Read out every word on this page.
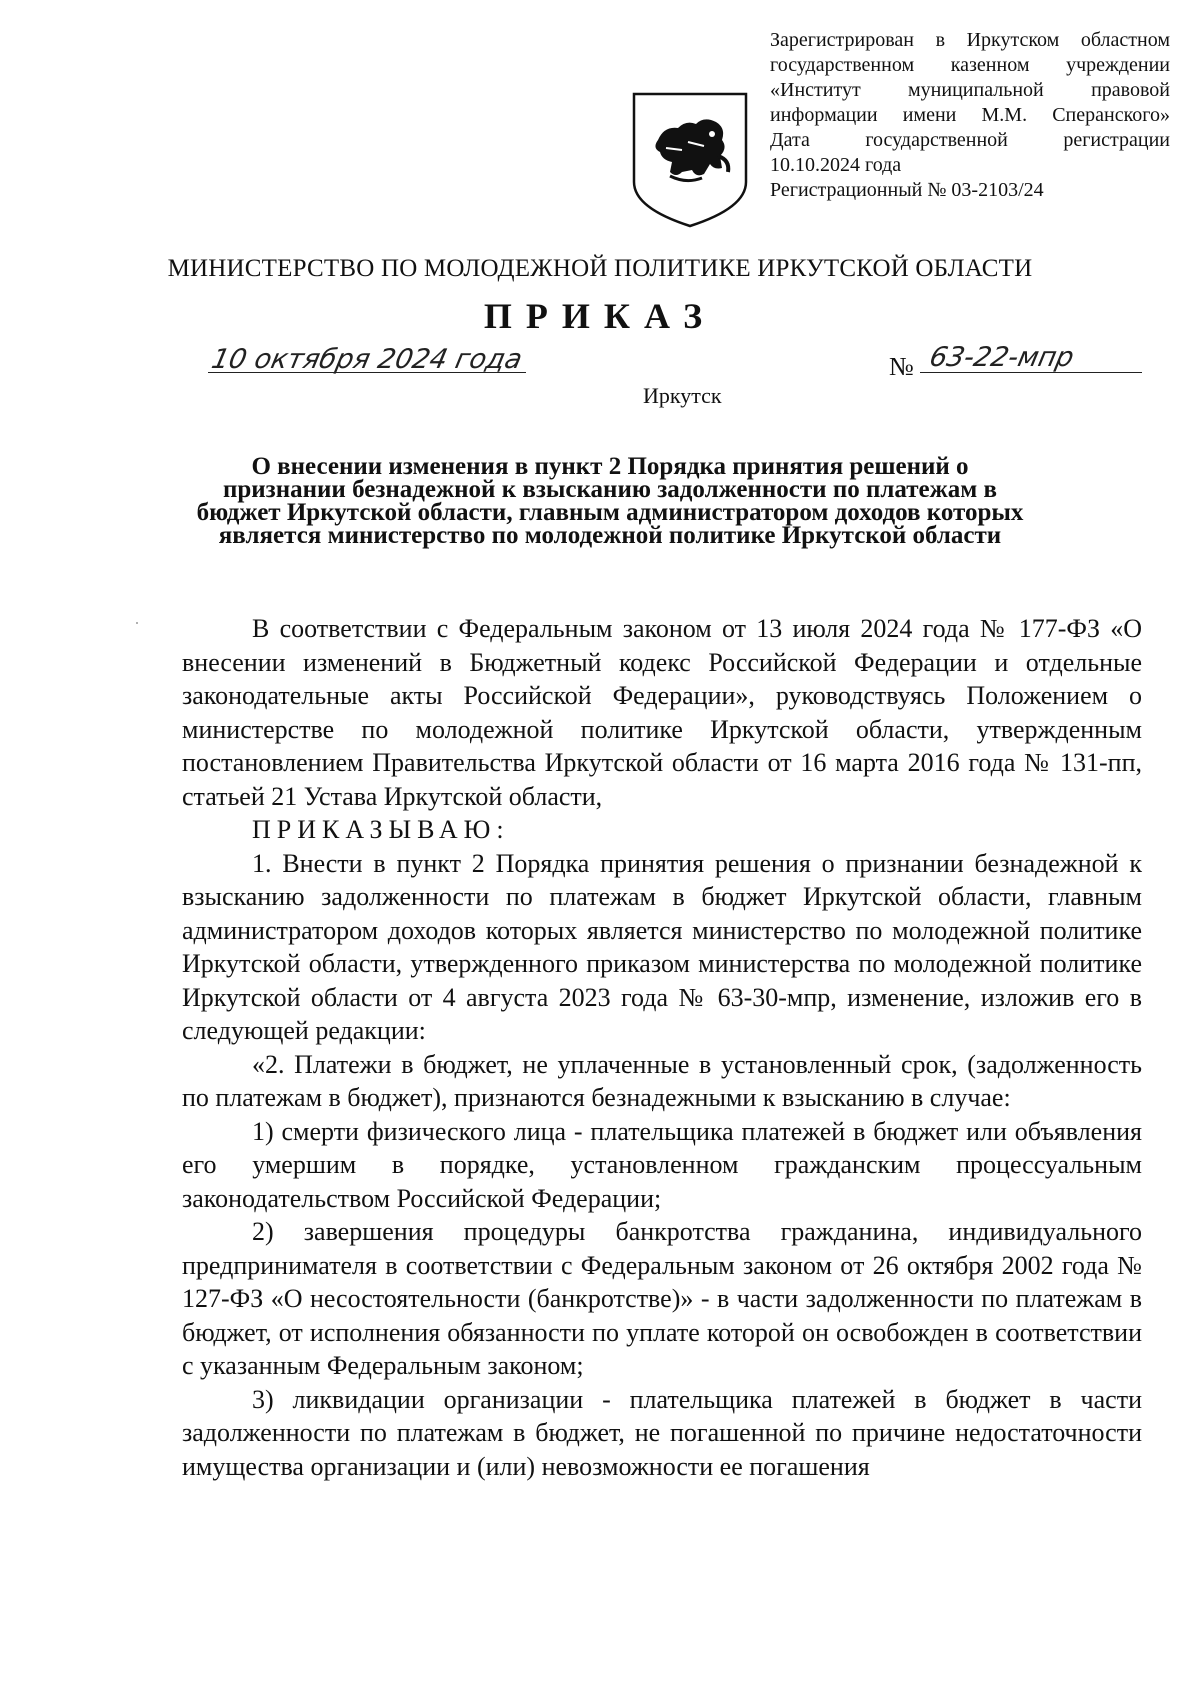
Зарегистрирован в Иркутском областном
государственном казенном учреждении
«Институт муниципальной правовой
информации имени М.М. Сперанского»
Дата государственной регистрации
10.10.2024 года
Регистрационный № 03-2103/24
МИНИСТЕРСТВО ПО МОЛОДЕЖНОЙ ПОЛИТИКЕ ИРКУТСКОЙ ОБЛАСТИ
ПРИКАЗ
10 октября 2024 года	№ 63-22-мпр
Иркутск
О внесении изменения в пункт 2 Порядка принятия решений о
признании безнадежной к взысканию задолженности по платежам в
бюджет Иркутской области, главным администратором доходов которых
является министерство по молодежной политике Иркутской области

В соответствии с Федеральным законом от 13 июля 2024 года № 177-ФЗ «О внесении изменений в Бюджетный кодекс Российской Федерации и отдельные законодательные акты Российской Федерации», руководствуясь Положением о министерстве по молодежной политике Иркутской области, утвержденным постановлением Правительства Иркутской области от 16 марта 2016 года № 131-пп, статьей 21 Устава Иркутской области,

ПРИКАЗЫВАЮ:

1. Внести в пункт 2 Порядка принятия решения о признании безнадежной к взысканию задолженности по платежам в бюджет Иркутской области, главным администратором доходов которых является министерство по молодежной политике Иркутской области, утвержденного приказом министерства по молодежной политике Иркутской области от 4 августа 2023 года № 63-30-мпр, изменение, изложив его в следующей редакции:

«2. Платежи в бюджет, не уплаченные в установленный срок, (задолженность по платежам в бюджет), признаются безнадежными к взысканию в случае:

1) смерти физического лица - плательщика платежей в бюджет или объявления его умершим в порядке, установленном гражданским процессуальным законодательством Российской Федерации;

2) завершения процедуры банкротства гражданина, индивидуального предпринимателя в соответствии с Федеральным законом от 26 октября 2002 года № 127-ФЗ «О несостоятельности (банкротстве)» - в части задолженности по платежам в бюджет, от исполнения обязанности по уплате которой он освобожден в соответствии с указанным Федеральным законом;

3) ликвидации организации - плательщика платежей в бюджет в части задолженности по платежам в бюджет, не погашенной по причине недостаточности имущества организации и (или) невозможности ее погашения
